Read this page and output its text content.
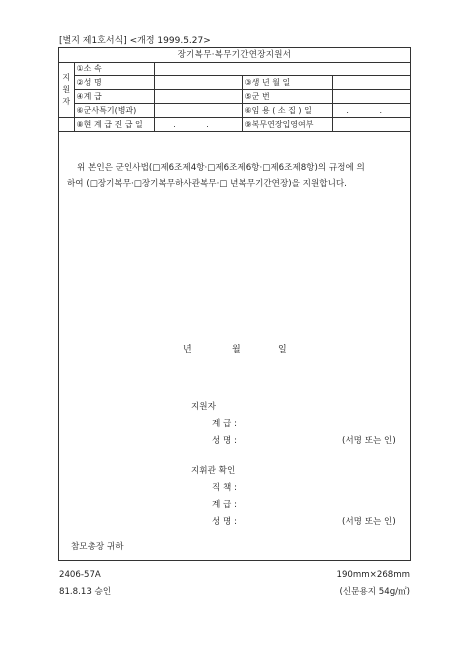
[별지 제1호서식] <개정 1999.5.27>
장기복무·복무기간연장지원서
지
원
자	①소 속			
	②성 명		③생 년 월 일	
	④계 급		⑤군 번	
	⑥군사특기(병과)		⑥임 용 ( 소 집 ) 일	. .
	⑧현 계 급 진 급 일	. .	⑨복무연장입영여부	
위 본인은 군인사법(□제6조제4항·□제6조제6항·□제6조제8항)의 규정에 의
하여 (□장기복무·□장기복무하사관복무·□ 년복무기간연장)을 지원합니다.
년	월	일
지원자
계 급 :
성 명 :	(서명 또는 인)
지휘관 확인
직 책 :
계 급 :
성 명 :	(서명 또는 인)
참모총장 귀하
2406-57A
81.8.13 승인
190mm×268mm
(신문용지 54g/㎡)
